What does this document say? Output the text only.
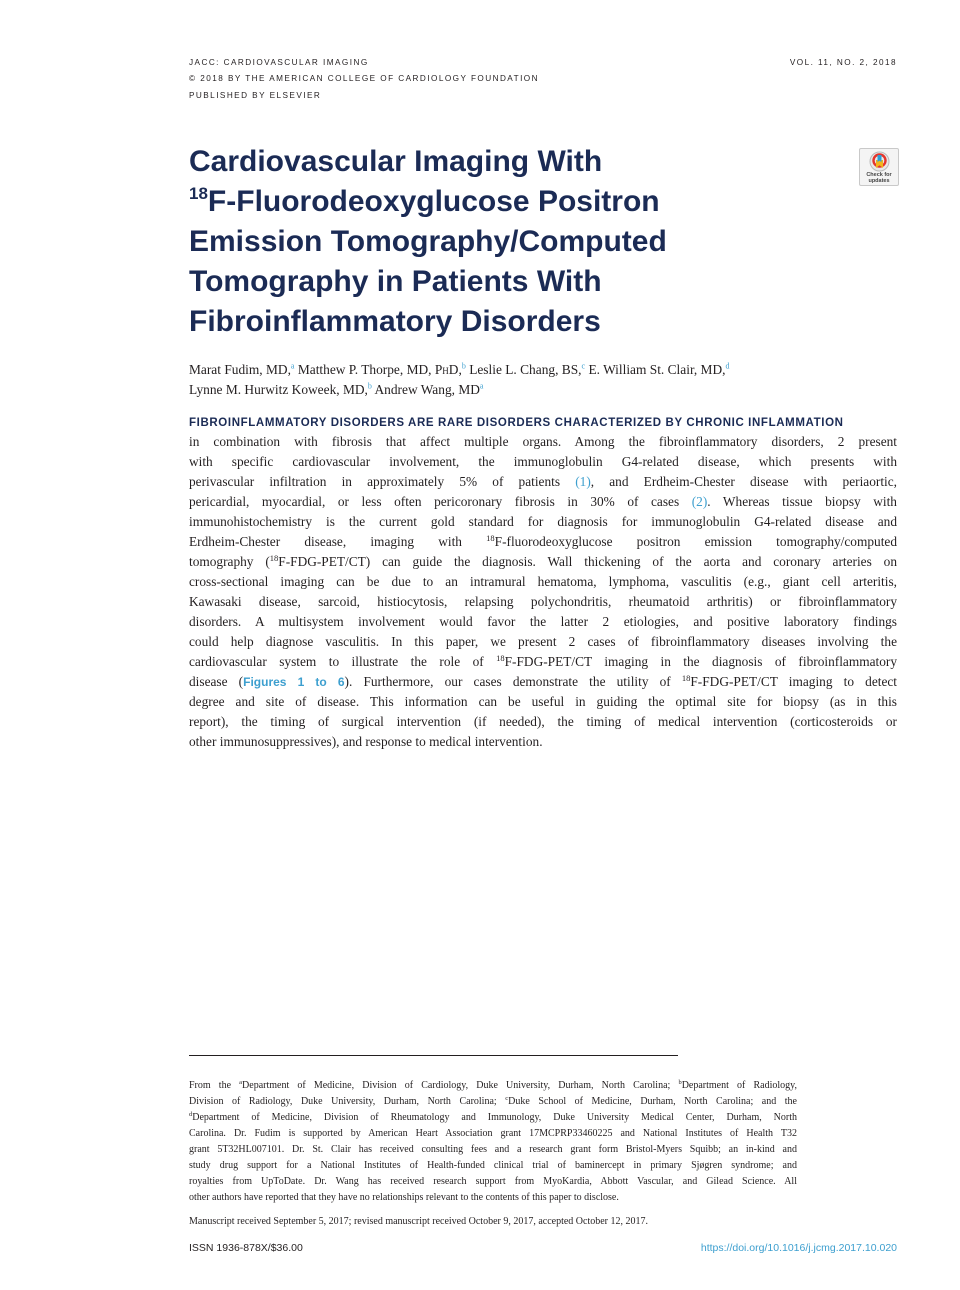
JACC: CARDIOVASCULAR IMAGING
© 2018 BY THE AMERICAN COLLEGE OF CARDIOLOGY FOUNDATION
PUBLISHED BY ELSEVIER
VOL. 11, NO. 2, 2018
Cardiovascular Imaging With
$^{18}$F-Fluorodeoxyglucose Positron
Emission Tomography/Computed
Tomography in Patients With
Fibroinflammatory Disorders
Check for
updates
Marat Fudim, MD,$^a$ Matthew P. Thorpe, MD, PhD,$^b$ Leslie L. Chang, BS,$^c$ E. William St. Clair, MD,$^d$
Lynne M. Hurwitz Koweek, MD,$^b$ Andrew Wang, $MD^a$
FIBROINFLAMMATORY DISORDERS ARE RARE DISORDERS CHARACTERIZED BY CHRONIC INFLAMMATION
in combination with fibrosis that affect multiple organs. Among the fibroinflammatory disorders, 2 present
with specific cardiovascular involvement, the immunoglobulin G4-related disease, which presents with
perivascular infiltration in approximately 5% of patients (1), and Erdheim-Chester disease with periaortic,
pericardial, myocardial, or less often pericoronary fibrosis in 30% of cases (2). Whereas tissue biopsy with
immunohistochemistry is the current gold standard for diagnosis for immunoglobulin G4-related disease and
Erdheim-Chester disease, imaging with $^{18}$F-fluorodeoxyglucose positron emission tomography/computed
tomography ($^{18}$F-FDG-PET/CT) can guide the diagnosis. Wall thickening of the aorta and coronary arteries on
cross-sectional imaging can be due to an intramural hematoma, lymphoma, vasculitis (e.g., giant cell arteritis,
Kawasaki disease, sarcoid, histiocytosis, relapsing polychondritis, rheumatoid arthritis) or fibroinflammatory
disorders. A multisystem involvement would favor the latter 2 etiologies, and positive laboratory findings
could help diagnose vasculitis. In this paper, we present 2 cases of fibroinflammatory diseases involving the
cardiovascular system to illustrate the role of $^{18}$F-FDG-PET/CT imaging in the diagnosis of fibroinflammatory
disease (Figures 1 to 6). Furthermore, our cases demonstrate the utility of $^{18}$F-FDG-PET/CT imaging to detect
degree and site of disease. This information can be useful in guiding the optimal site for biopsy (as in this
report), the timing of surgical intervention (if needed), the timing of medical intervention (corticosteroids or
other immunosuppressives), and response to medical intervention.
From the $^a$Department of Medicine, Division of Cardiology, Duke University, Durham, North Carolina; $^b$Department of Radiology,
Division of Radiology, Duke University, Durham, North Carolina; $^c$Duke School of Medicine, Durham, North Carolina; and the
$^d$Department of Medicine, Division of Rheumatology and Immunology, Duke University Medical Center, Durham, North
Carolina. Dr. Fudim is supported by American Heart Association grant 17MCPRP33460225 and National Institutes of Health T32
grant 5T32HL007101. Dr. St. Clair has received consulting fees and a research grant form Bristol-Myers Squibb; an in-kind and
study drug support for a National Institutes of Health-funded clinical trial of baminercept in primary Sjøgren syndrome; and
royalties from UpToDate. Dr. Wang has received research support from MyoKardia, Abbott Vascular, and Gilead Science. All
other authors have reported that they have no relationships relevant to the contents of this paper to disclose.
Manuscript received September 5, 2017; revised manuscript received October 9, 2017, accepted October 12, 2017.
ISSN 1936-878X/$36.00	https://doi.org/10.1016/j.jcmg.2017.10.020
